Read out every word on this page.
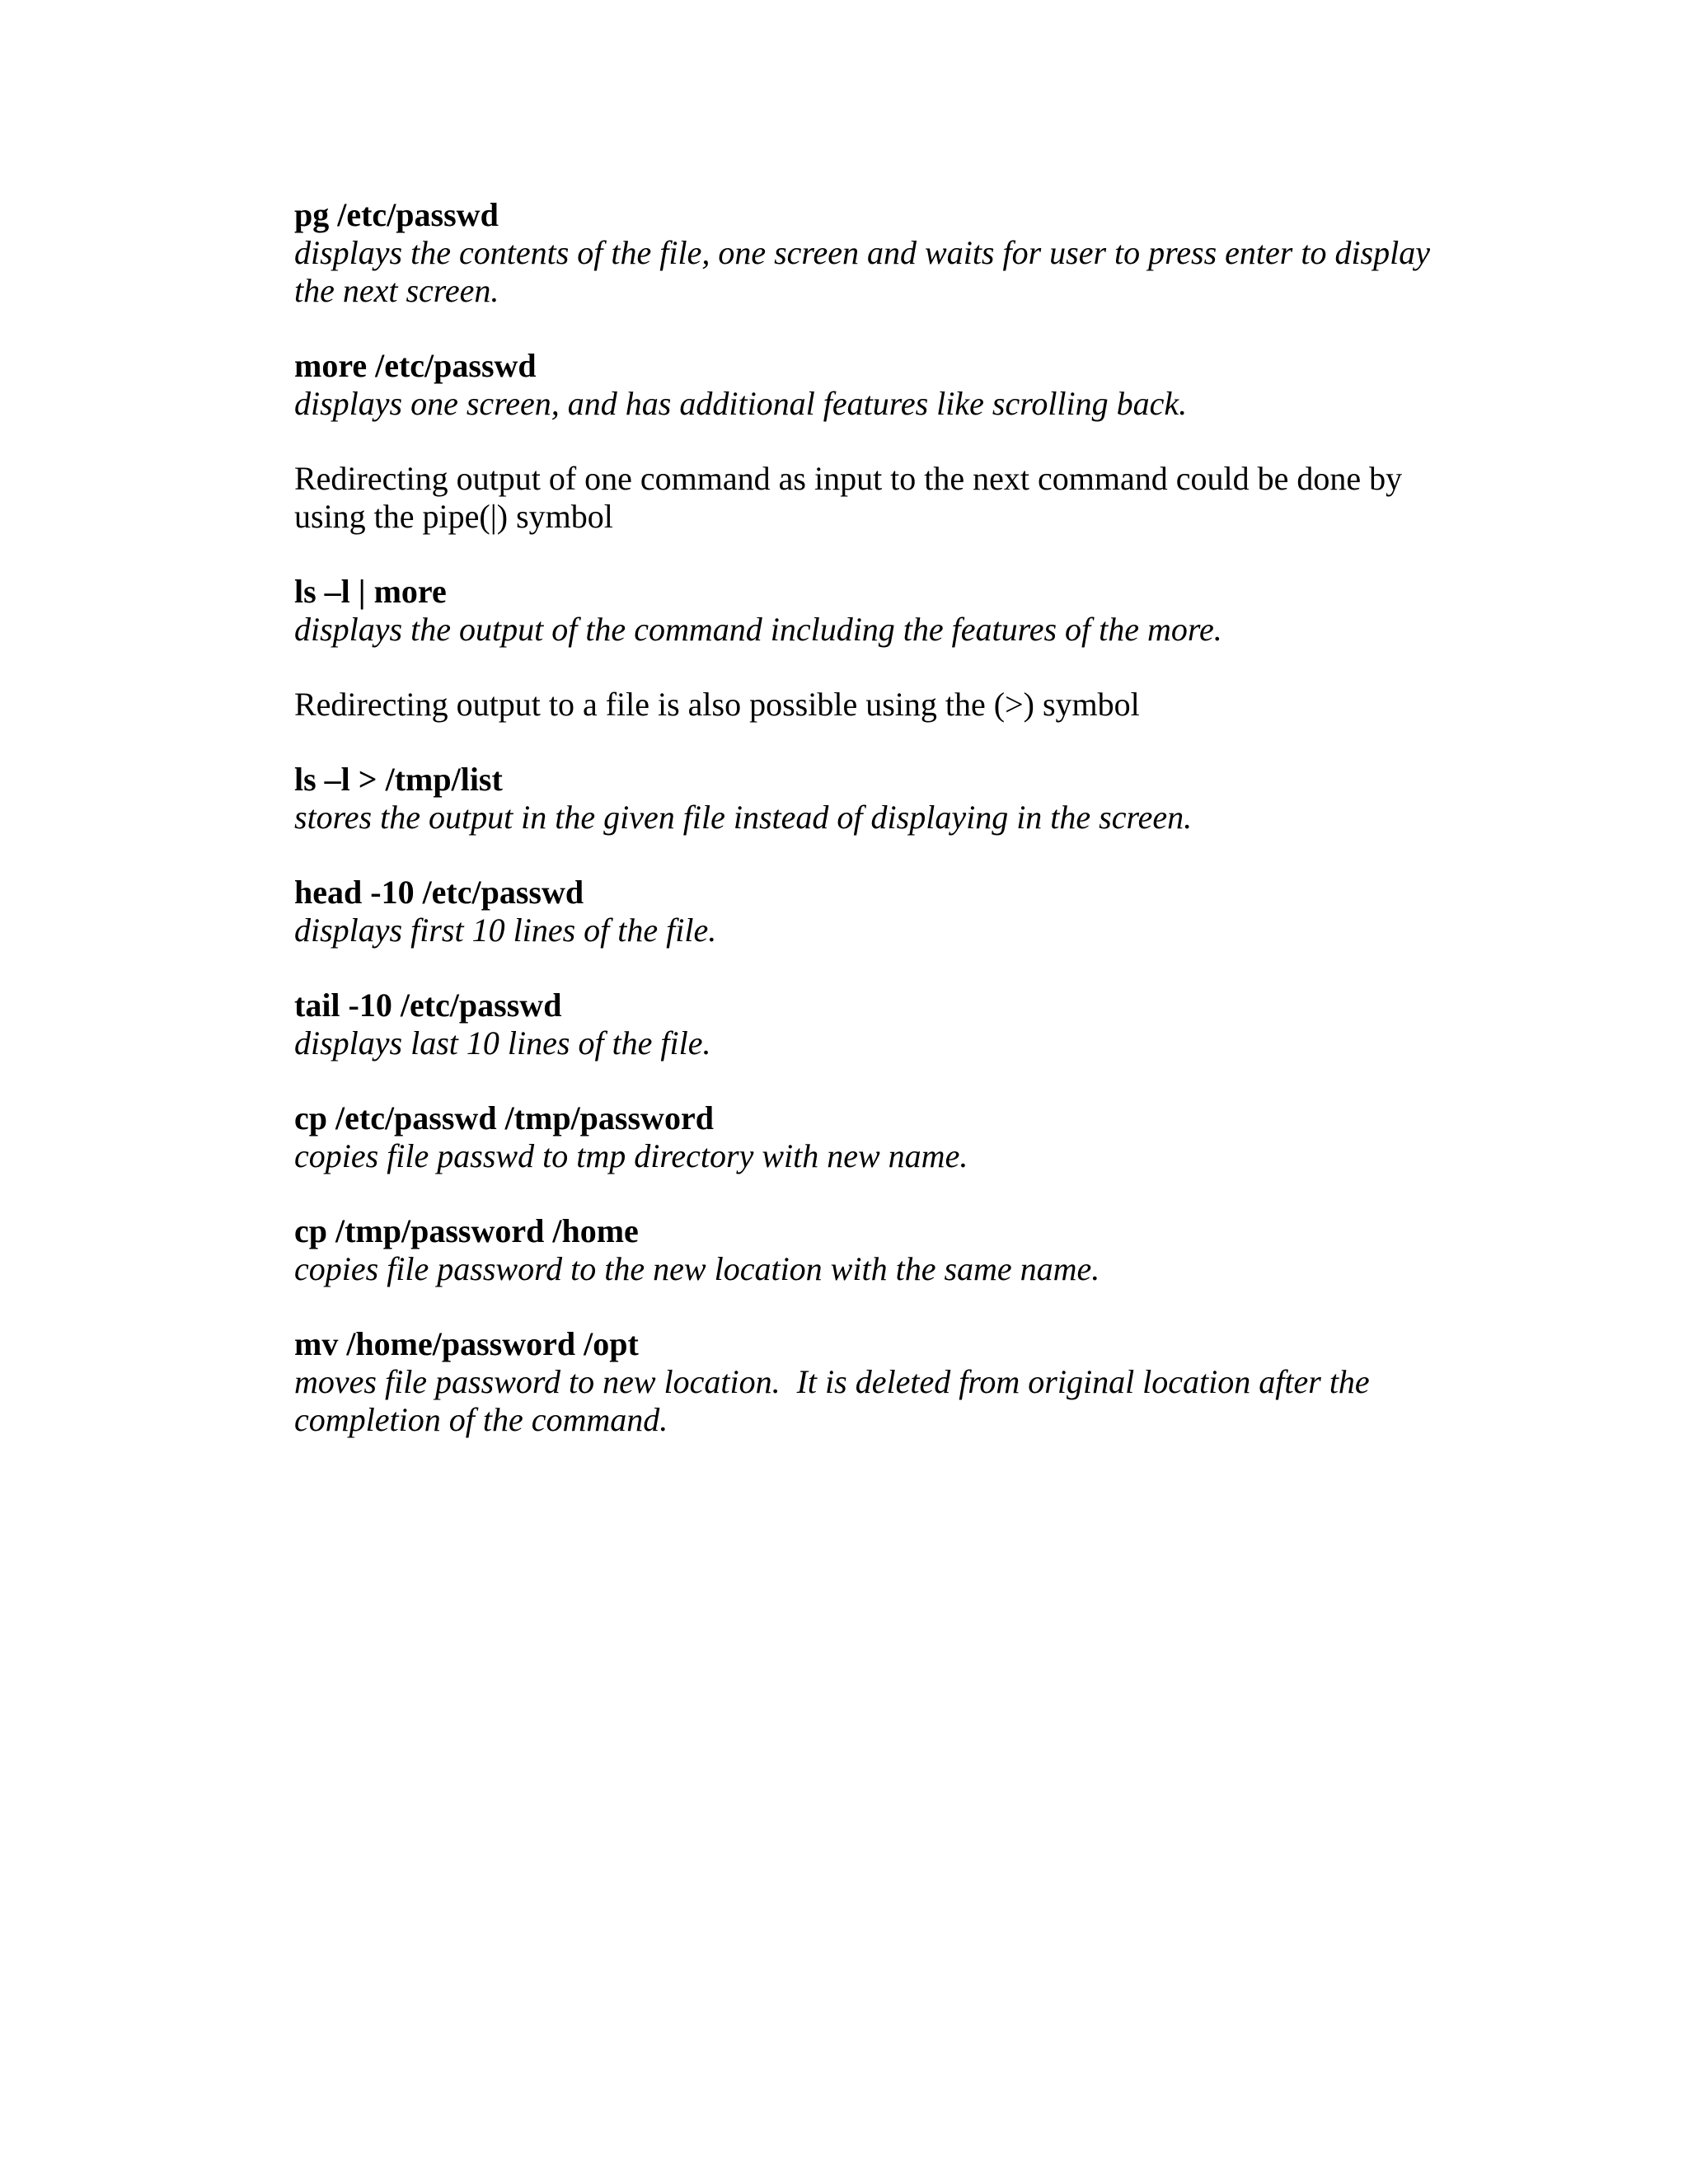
pg /etc/passwd
displays the contents of the file, one screen and waits for user to press enter to display the next screen.
more /etc/passwd
displays one screen, and has additional features like scrolling back.
Redirecting output of one command as input to the next command could be done by using the pipe(|) symbol
ls –l | more
displays the output of the command including the features of the more.
Redirecting output to a file is also possible using the (>) symbol
ls –l > /tmp/list
stores the output in the given file instead of displaying in the screen.
head -10 /etc/passwd
displays first 10 lines of the file.
tail -10 /etc/passwd
displays last 10 lines of the file.
cp /etc/passwd /tmp/password
copies file passwd to tmp directory with new name.
cp /tmp/password /home
copies file password to the new location with the same name.
mv /home/password /opt
moves file password to new location.  It is deleted from original location after the completion of the command.
